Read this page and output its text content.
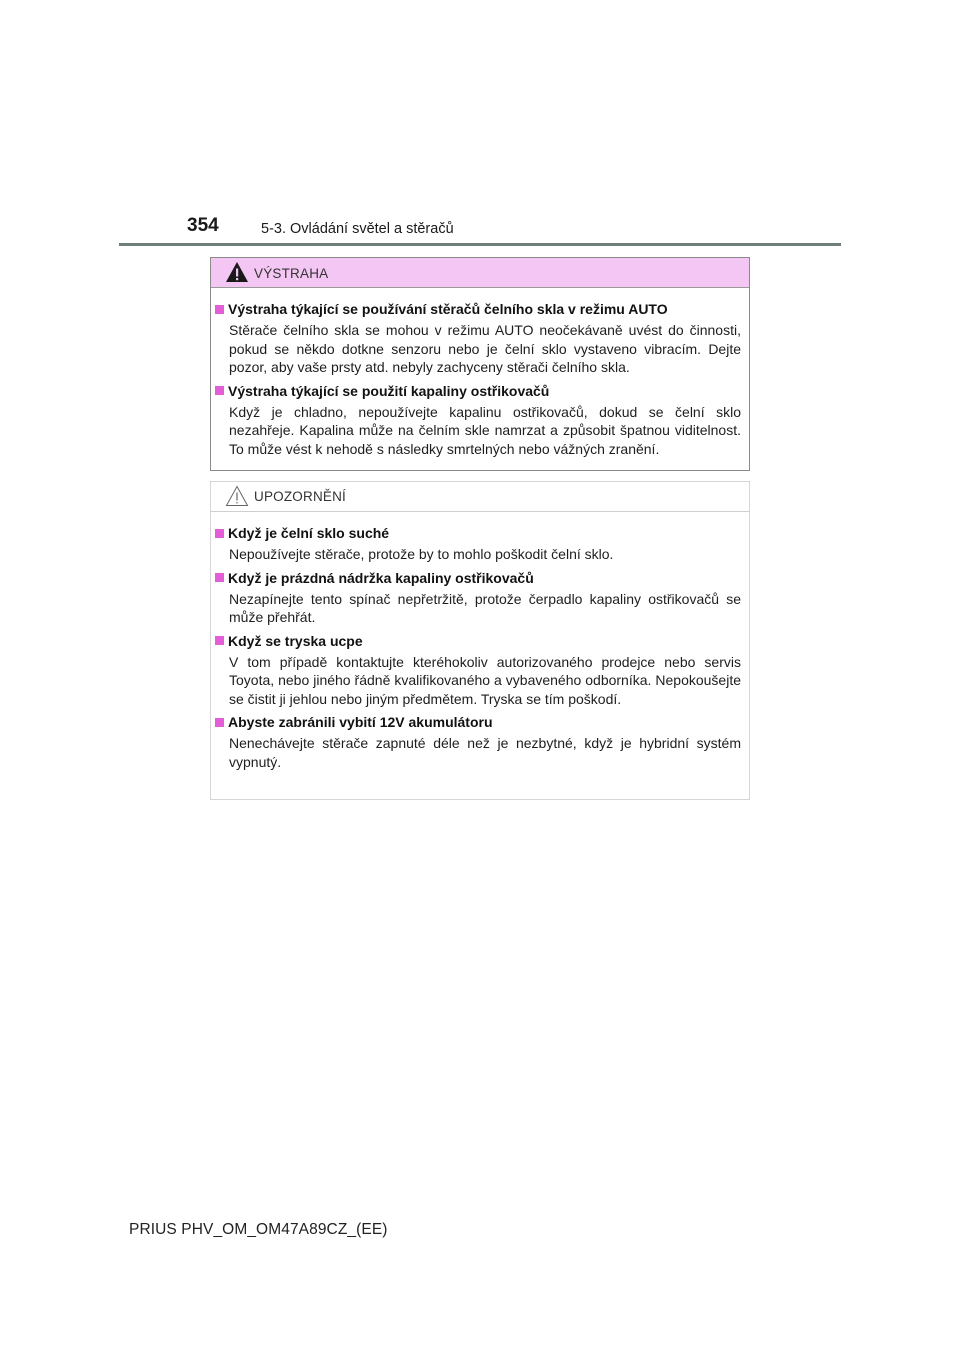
354	5-3. Ovládání světel a stěračů
VÝSTRAHA
Výstraha týkající se používání stěračů čelního skla v režimu AUTO
Stěrače čelního skla se mohou v režimu AUTO neočekávaně uvést do činnosti, pokud se někdo dotkne senzoru nebo je čelní sklo vystaveno vibracím. Dejte pozor, aby vaše prsty atd. nebyly zachyceny stěrači čelního skla.
Výstraha týkající se použití kapaliny ostřikovačů
Když je chladno, nepoužívejte kapalinu ostřikovačů, dokud se čelní sklo nezahřeje. Kapalina může na čelním skle namrzat a způsobit špatnou viditelnost. To může vést k nehodě s následky smrtelných nebo vážných zranění.
UPOZORNĚNÍ
Když je čelní sklo suché
Nepoužívejte stěrače, protože by to mohlo poškodit čelní sklo.
Když je prázdná nádržka kapaliny ostřikovačů
Nezapínejte tento spínač nepřetržitě, protože čerpadlo kapaliny ostřikovačů se může přehřát.
Když se tryska ucpe
V tom případě kontaktujte kteréhokoliv autorizovaného prodejce nebo servis Toyota, nebo jiného řádně kvalifikovaného a vybaveného odborníka. Nepokoušejte se čistit ji jehlou nebo jiným předmětem. Tryska se tím poškodí.
Abyste zabránili vybití 12V akumulátoru
Nenechávejte stěrače zapnuté déle než je nezbytné, když je hybridní systém vypnutý.
PRIUS PHV_OM_OM47A89CZ_(EE)
